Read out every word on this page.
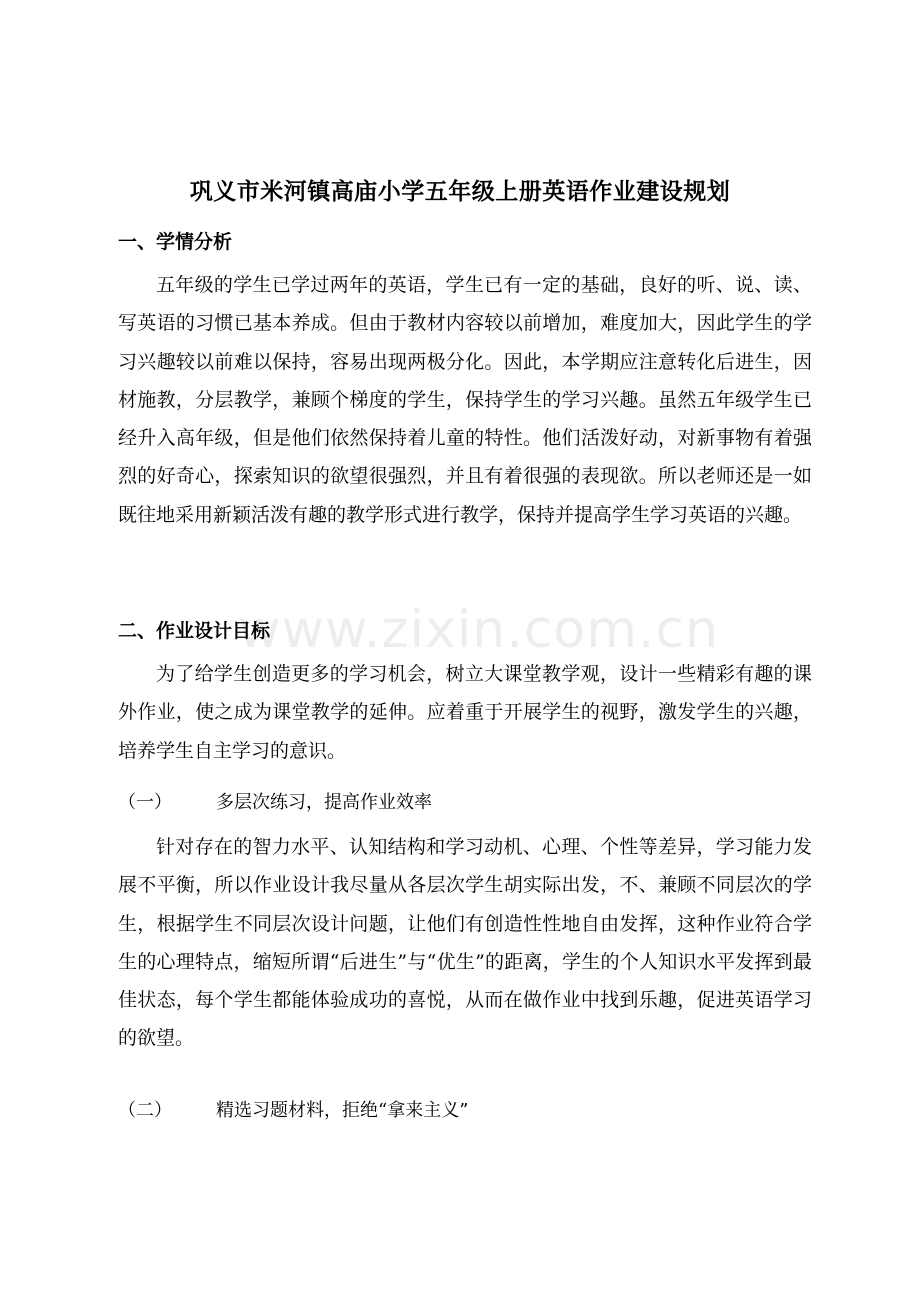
巩义市米河镇高庙小学五年级上册英语作业建设规划
一、学情分析

五年级的学生已学过两年的英语，学生已有一定的基础，良好的听、说、读、写英语的习惯已基本养成。但由于教材内容较以前增加，难度加大，因此学生的学习兴趣较以前难以保持，容易出现两极分化。因此，本学期应注意转化后进生，因材施教，分层教学，兼顾个梯度的学生，保持学生的学习兴趣。虽然五年级学生已经升入高年级，但是他们依然保持着儿童的特性。他们活泼好动，对新事物有着强烈的好奇心，探索知识的欲望很强烈，并且有着很强的表现欲。所以老师还是一如既往地采用新颖活泼有趣的教学形式进行教学，保持并提高学生学习英语的兴趣。

二、作业设计目标

为了给学生创造更多的学习机会，树立大课堂教学观，设计一些精彩有趣的课外作业，使之成为课堂教学的延伸。应着重于开展学生的视野，激发学生的兴趣，培养学生自主学习的意识。

（一） 多层次练习，提高作业效率

针对存在的智力水平、认知结构和学习动机、心理、个性等差异，学习能力发展不平衡，所以作业设计我尽量从各层次学生胡实际出发，不、兼顾不同层次的学生，根据学生不同层次设计问题，让他们有创造性性地自由发挥，这种作业符合学生的心理特点，缩短所谓“后进生”与“优生”的距离，学生的个人知识水平发挥到最佳状态，每个学生都能体验成功的喜悦，从而在做作业中找到乐趣，促进英语学习的欲望。

（二） 精选习题材料，拒绝“拿来主义”
www.zixin.com.cn
